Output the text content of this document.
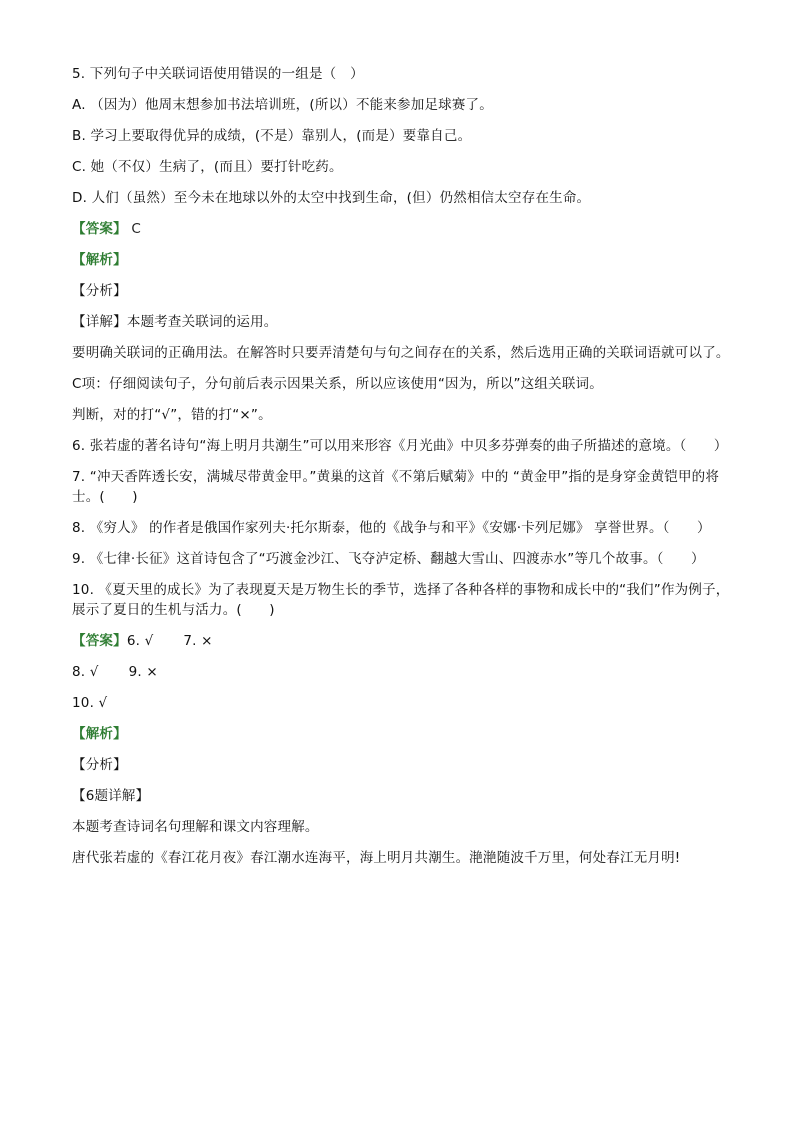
5. 下列句子中关联词语使用错误的一组是（　）
A. （因为）他周末想参加书法培训班，(所以）不能来参加足球赛了。
B. 学习上要取得优异的成绩，(不是）靠别人，(而是）要靠自己。
C. 她（不仅）生病了，(而且）要打针吃药。
D. 人们（虽然）至今未在地球以外的太空中找到生命，(但）仍然相信太空存在生命。
【答案】 C
【解析】
【分析】
【详解】本题考查关联词的运用。
要明确关联词的正确用法。在解答时只要弄清楚句与句之间存在的关系，然后选用正确的关联词语就可以了。
C项：仔细阅读句子，分句前后表示因果关系，所以应该使用“因为，所以”这组关联词。
判断，对的打“√”，错的打“×”。
6. 张若虚的著名诗句“海上明月共潮生”可以用来形容《月光曲》中贝多芬弹奏的曲子所描述的意境。（　　）
7. “冲天香阵透长安，满城尽带黄金甲。”黄巢的这首《不第后赋菊》中的 “黄金甲”指的是身穿金黄铠甲的将士。(　　)
8. 《穷人》 的作者是俄国作家列夫·托尔斯泰，他的《战争与和平》《安娜·卡列尼娜》 享誉世界。（　　）
9. 《七律·长征》这首诗包含了“巧渡金沙江、飞夺泸定桥、翻越大雪山、四渡赤水”等几个故事。（　　）
10. 《夏天里的成长》为了表现夏天是万物生长的季节，选择了各种各样的事物和成长中的“我们”作为例子，展示了夏日的生机与活力。(　　)
【答案】6. √ 7. ×
8. √ 9. ×
10. √
【解析】
【分析】
【6题详解】
本题考查诗词名句理解和课文内容理解。
唐代张若虚的《春江花月夜》春江潮水连海平，海上明月共潮生。滟滟随波千万里，何处春江无月明!
